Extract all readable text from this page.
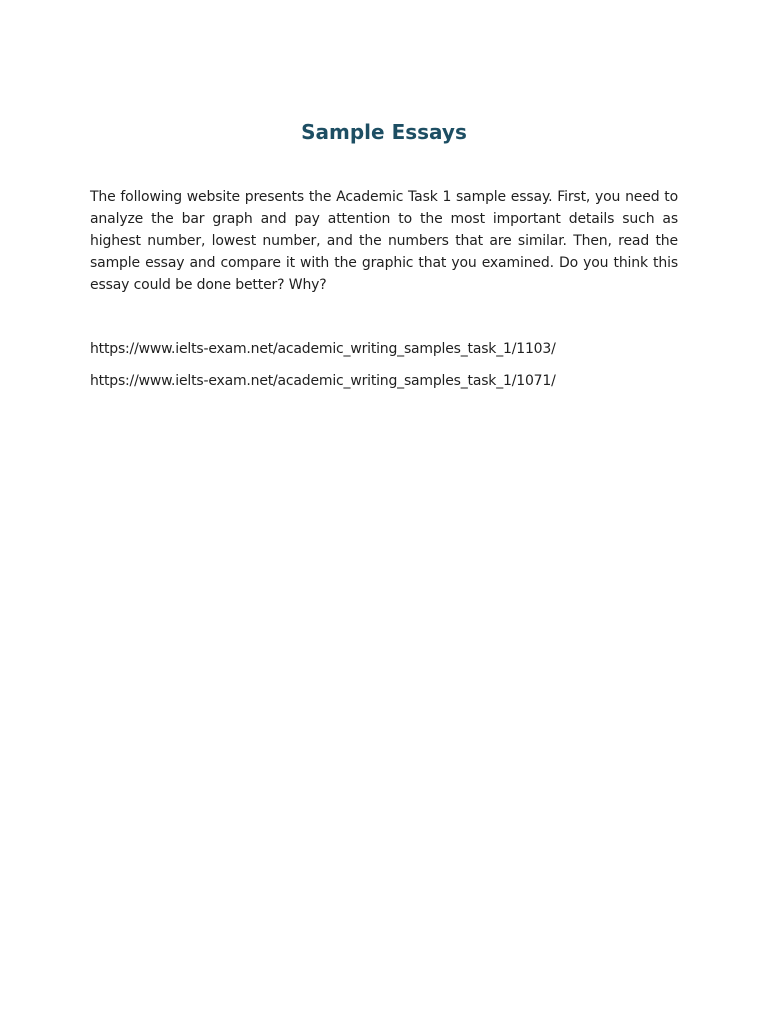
Sample Essays

The following website presents the Academic Task 1 sample essay. First, you need to analyze the bar graph and pay attention to the most important details such as highest number, lowest number, and the numbers that are similar. Then, read the sample essay and compare it with the graphic that you examined. Do you think this essay could be done better? Why?

https://www.ielts-exam.net/academic_writing_samples_task_1/1103/
https://www.ielts-exam.net/academic_writing_samples_task_1/1071/
